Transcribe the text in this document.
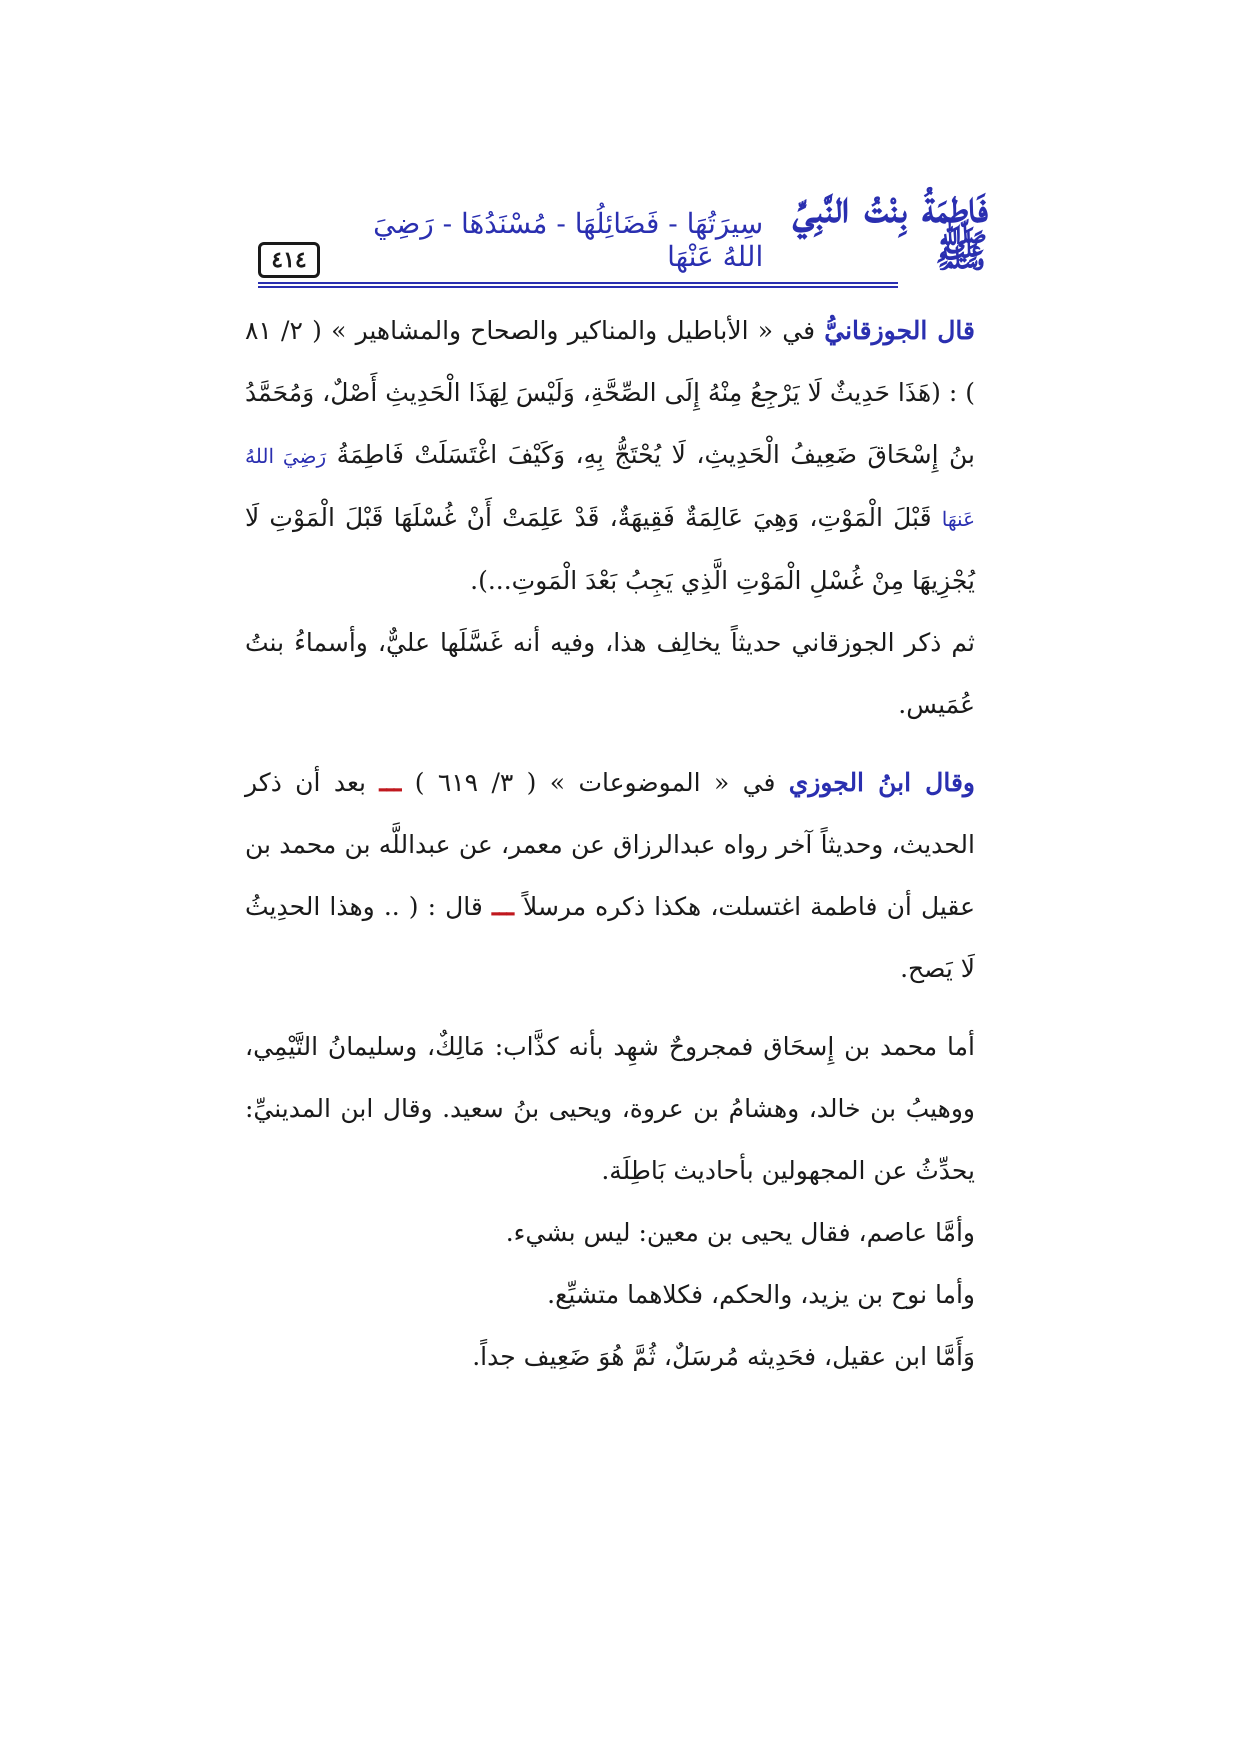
٤١٤
فَاطِمَةُ بِنْتُ النَّبِيِّ ﷺ
سِيرَتُهَا - فَضَائِلُهَا - مُسْنَدُهَا - رَضِيَ اللهُ عَنْهَا

قال الجوزقانيُّ في « الأباطيل والمناكير والصحاح والمشاهير » ( ٢/ ٨١ ) : (هَذَا حَدِيثٌ لَا يَرْجِعُ مِنْهُ إِلَى الصِّحَّةِ، وَلَيْسَ لِهَذَا الْحَدِيثِ أَصْلٌ، وَمُحَمَّدُ بنُ إِسْحَاقَ ضَعِيفُ الْحَدِيثِ، لَا يُحْتَجُّ بِهِ، وَكَيْفَ اغْتَسَلَتْ فَاطِمَةُ رَضِيَ اللهُ عَنهَا قَبْلَ الْمَوْتِ، وَهِيَ عَالِمَةٌ فَقِيهَةٌ، قَدْ عَلِمَتْ أَنْ غُسْلَهَا قَبْلَ الْمَوْتِ لَا يُجْزِيهَا مِنْ غُسْلِ الْمَوْتِ الَّذِي يَجِبُ بَعْدَ الْمَوتِ...).

ثم ذكر الجوزقاني حديثاً يخالِف هذا، وفيه أنه غَسَّلَها عليٌّ، وأسماءُ بنتُ عُمَيس.

وقال ابنُ الجوزي في « الموضوعات » ( ٣/ ٦١٩ ) ـــ بعد أن ذكر الحديث، وحديثاً آخر رواه عبدالرزاق عن معمر، عن عبداللَّه بن محمد بن عقيل أن فاطمة اغتسلت، هكذا ذكره مرسلاً ـــ قال : ( .. وهذا الحدِيثُ لَا يَصح.

أما محمد بن إِسحَاق فمجروحٌ شهِد بأنه كذَّاب: مَالِكٌ، وسليمانُ التَّيْمِي، ووهيبُ بن خالد، وهشامُ بن عروة، ويحيى بنُ سعيد. وقال ابن المدينيِّ: يحدِّثُ عن المجهولين بأحاديث بَاطِلَة.

وأمَّا عاصم، فقال يحيى بن معين: ليس بشيء.

وأما نوح بن يزيد، والحكم، فكلاهما متشيِّع.

وَأَمَّا ابن عقيل، فحَدِيثه مُرسَلٌ، ثُمَّ هُوَ ضَعِيف جداً.
